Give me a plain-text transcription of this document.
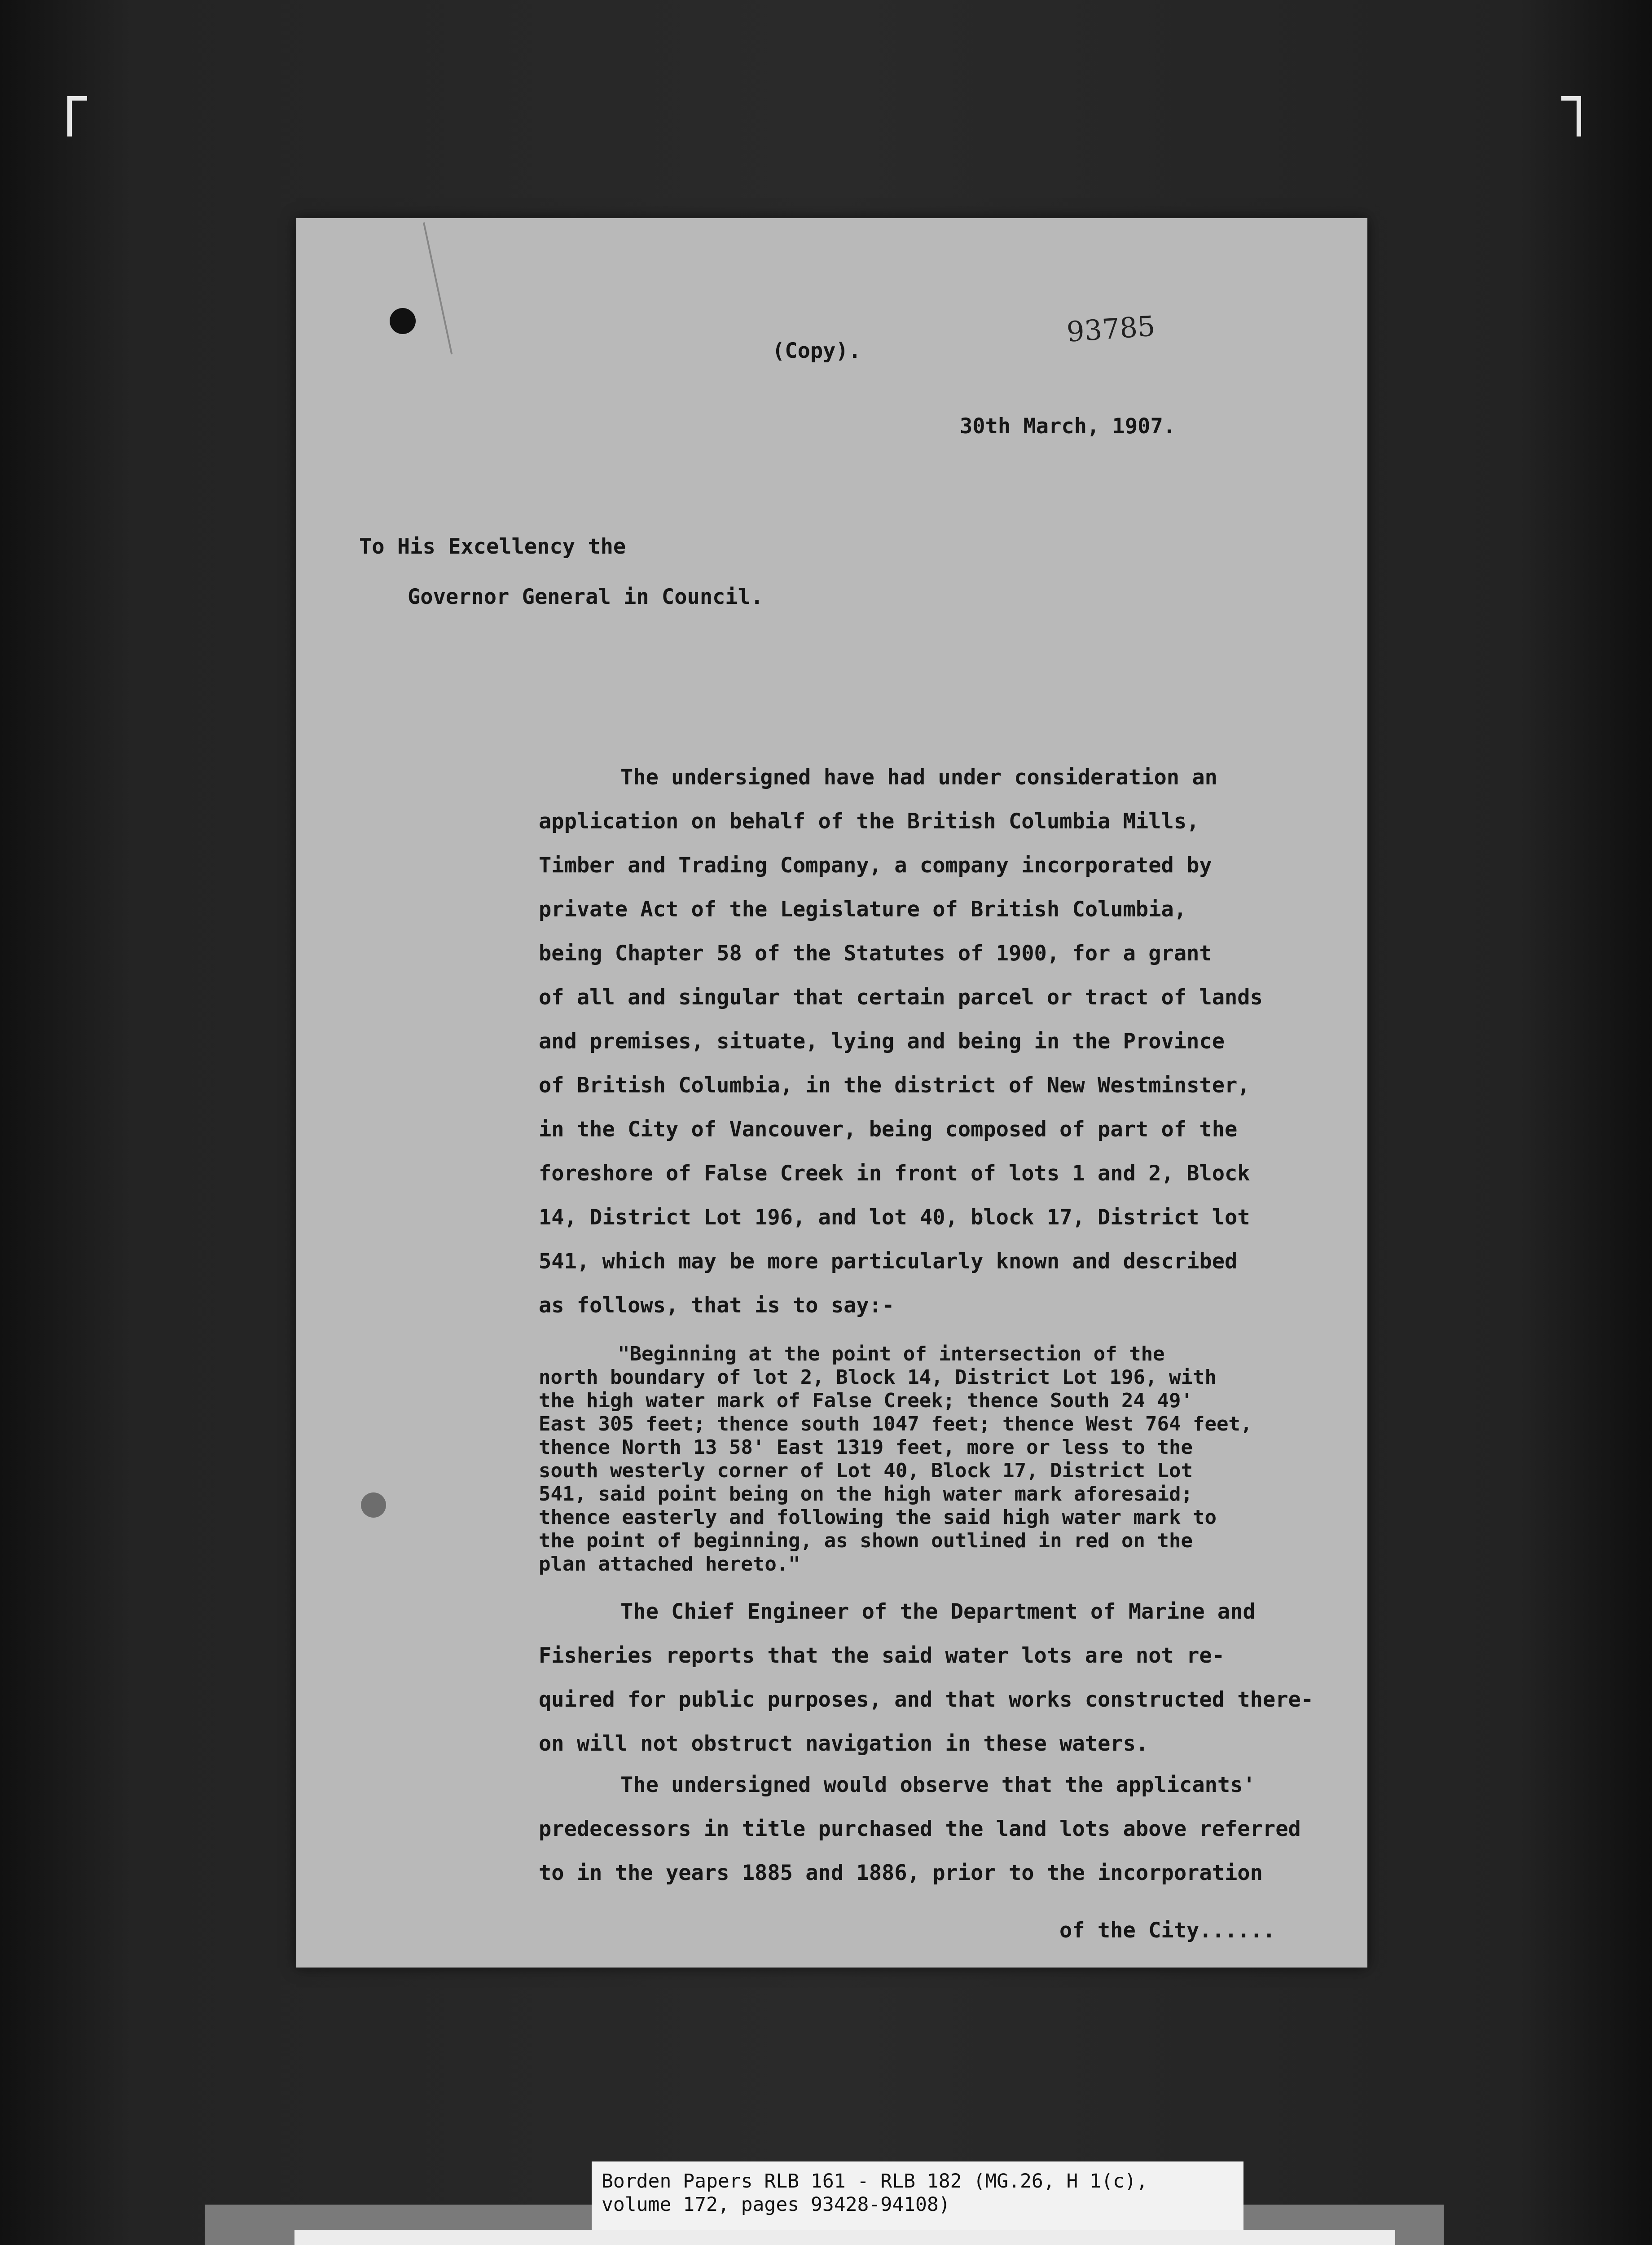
(Copy).
93785
30th March, 1907.
To His Excellency the
Governor General in Council.
The undersigned have had under consideration an
application on behalf of the British Columbia Mills,
Timber and Trading Company, a company incorporated by
private Act of the Legislature of British Columbia,
being Chapter 58 of the Statutes of 1900, for a grant
of all and singular that certain parcel or tract of lands
and premises, situate, lying and being in the Province
of British Columbia, in the district of New Westminster,
in the City of Vancouver, being composed of part of the
foreshore of False Creek in front of lots 1 and 2, Block
14, District Lot 196, and lot 40, block 17, District lot
541, which may be more particularly known and described
as follows, that is to say:-
"Beginning at the point of intersection of the
north boundary of lot 2, Block 14, District Lot 196, with
the high water mark of False Creek; thence South 24 49'
East 305 feet; thence south 1047 feet; thence West 764 feet,
thence North 13 58' East 1319 feet, more or less to the
south westerly corner of Lot 40, Block 17, District Lot
541, said point being on the high water mark aforesaid;
thence easterly and following the said high water mark to
the point of beginning, as shown outlined in red on the
plan attached hereto."
The Chief Engineer of the Department of Marine and
Fisheries reports that the said water lots are not re-
quired for public purposes, and that works constructed there-
on will not obstruct navigation in these waters.
The undersigned would observe that the applicants'
predecessors in title purchased the land lots above referred
to in the years 1885 and 1886, prior to the incorporation
of the City......
Borden Papers RLB 161 - RLB 182 (MG.26, H 1(c),
volume 172, pages 93428-94108)
